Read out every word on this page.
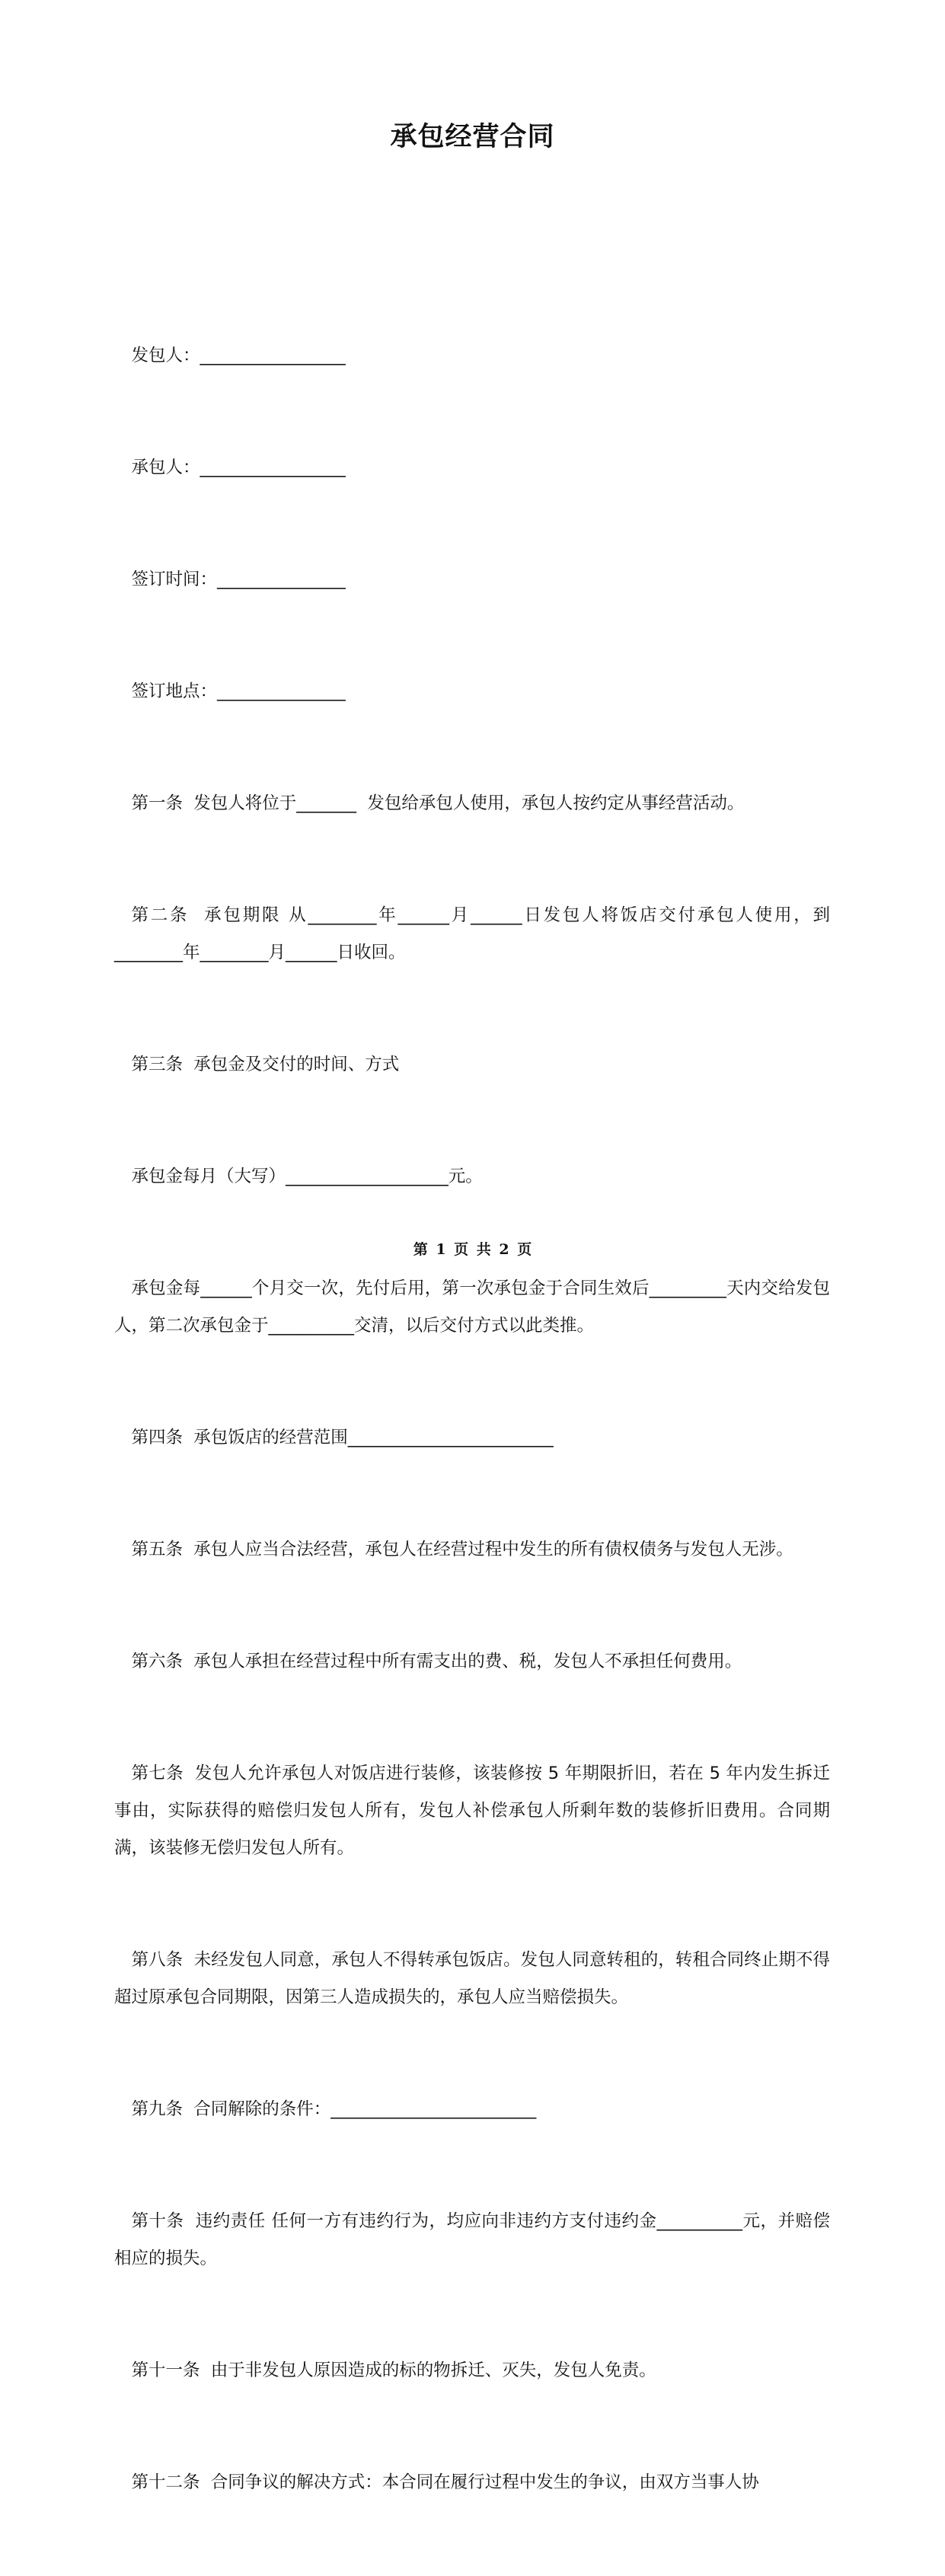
承包经营合同

发包人：_________________

承包人：_________________

签订时间：_______________

签订地点：_______________

第一条  发包人将位于_______  发包给承包人使用，承包人按约定从事经营活动。

第二条  承包期限 从________年______月______日发包人将饭店交付承包人使用，到________年________月______日收回。

第三条  承包金及交付的时间、方式

承包金每月（大写）___________________元。

承包金每______个月交一次，先付后用，第一次承包金于合同生效后_________天内交给发包人，第二次承包金于__________交清，以后交付方式以此类推。

第四条  承包饭店的经营范围________________________

第五条  承包人应当合法经营，承包人在经营过程中发生的所有债权债务与发包人无涉。

第六条  承包人承担在经营过程中所有需支出的费、税，发包人不承担任何费用。

第七条  发包人允许承包人对饭店进行装修，该装修按 5 年期限折旧，若在 5 年内发生拆迁事由，实际获得的赔偿归发包人所有，发包人补偿承包人所剩年数的装修折旧费用。合同期满，该装修无偿归发包人所有。

第八条  未经发包人同意，承包人不得转承包饭店。发包人同意转租的，转租合同终止期不得超过原承包合同期限，因第三人造成损失的，承包人应当赔偿损失。

第九条  合同解除的条件：________________________

第十条  违约责任 任何一方有违约行为，均应向非违约方支付违约金__________元，并赔偿相应的损失。

第十一条  由于非发包人原因造成的标的物拆迁、灭失，发包人免责。

第十二条  合同争议的解决方式：本合同在履行过程中发生的争议，由双方当事人协

第 1 页 共 2 页
